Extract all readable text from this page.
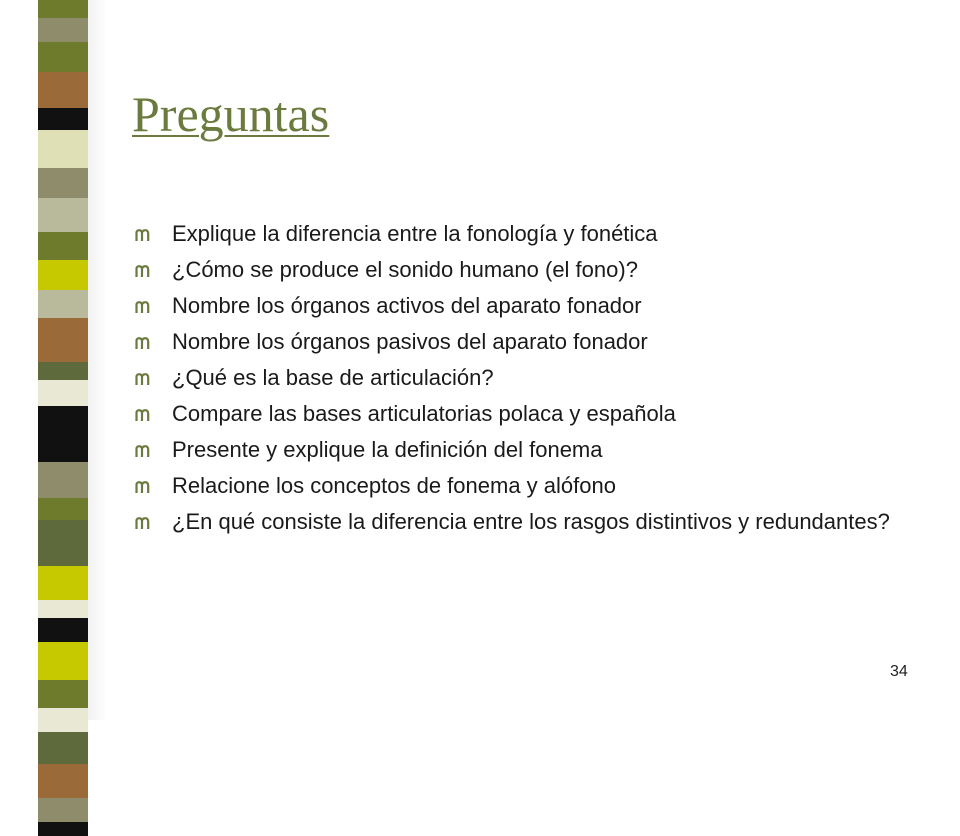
Preguntas
Explique la diferencia entre la fonología y fonética
¿Cómo se produce el sonido humano (el fono)?
Nombre los órganos activos del aparato fonador
Nombre los órganos pasivos del aparato fonador
¿Qué es la base de articulación?
Compare las bases articulatorias polaca y española
Presente y explique la definición del fonema
Relacione los conceptos de fonema y alófono
¿En qué consiste la diferencia entre los rasgos distintivos y redundantes?
34
